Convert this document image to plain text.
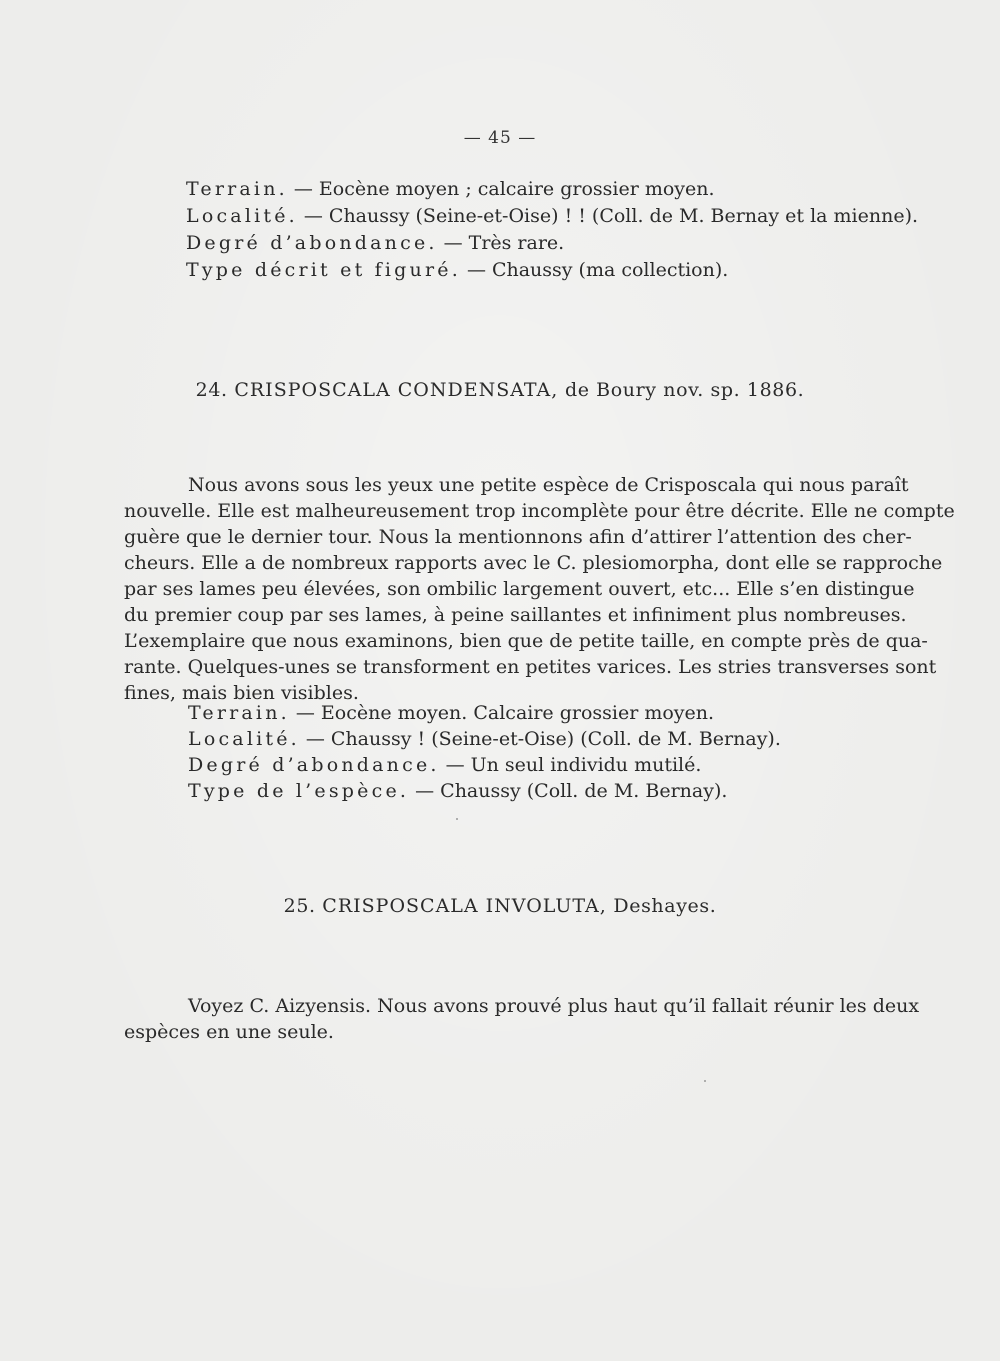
— 45 —
Terrain. — Eocène moyen ; calcaire grossier moyen.
Localité. — Chaussy (Seine-et-Oise) ! ! (Coll. de M. Bernay et la mienne).
Degré d’abondance. — Très rare.
Type décrit et figuré. — Chaussy (ma collection).
24. CRISPOSCALA CONDENSATA, de Boury nov. sp. 1886.
Nous avons sous les yeux une petite espèce de Crisposcala qui nous paraît
nouvelle. Elle est malheureusement trop incomplète pour être décrite. Elle ne compte
guère que le dernier tour. Nous la mentionnons afin d’attirer l’attention des cher-
cheurs. Elle a de nombreux rapports avec le C. plesiomorpha, dont elle se rapproche
par ses lames peu élevées, son ombilic largement ouvert, etc... Elle s’en distingue
du premier coup par ses lames, à peine saillantes et infiniment plus nombreuses.
L’exemplaire que nous examinons, bien que de petite taille, en compte près de qua-
rante. Quelques-unes se transforment en petites varices. Les stries transverses sont
fines, mais bien visibles.
Terrain. — Eocène moyen. Calcaire grossier moyen.
Localité. — Chaussy ! (Seine-et-Oise) (Coll. de M. Bernay).
Degré d’abondance. — Un seul individu mutilé.
Type de l’espèce. — Chaussy (Coll. de M. Bernay).
25. CRISPOSCALA INVOLUTA, Deshayes.
Voyez C. Aizyensis. Nous avons prouvé plus haut qu’il fallait réunir les deux
espèces en une seule.
